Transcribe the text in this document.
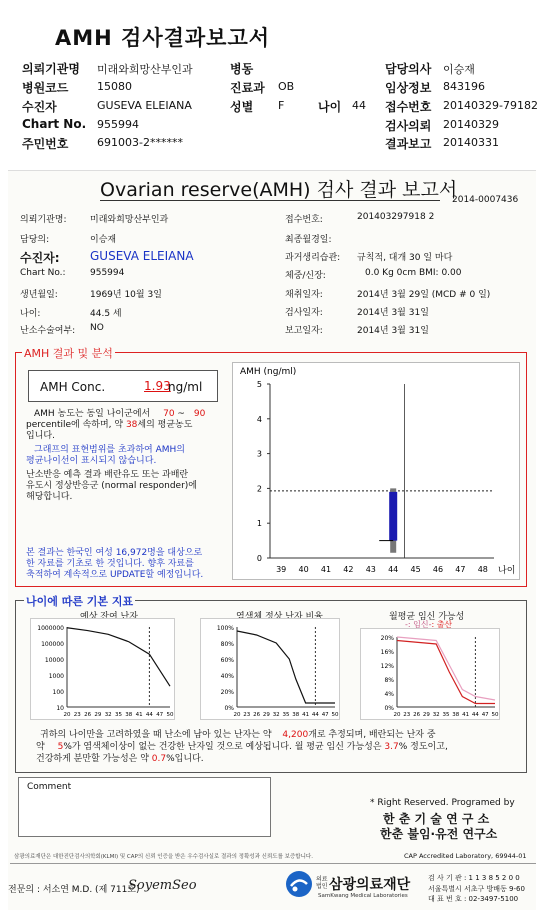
AMH 검사결과보고서
의뢰기관명 미래와희망산부인과	병동	담당의사 이승재
병원코드	15080	진료과 OB	임상정보 843196
수진자	GUSEVA ELEIANA	성별 F	나이 44 접수번호 20140329-79182
Chart No. 955994	검사의뢰 20140329
주민번호	691003-2******	결과보고 20140331
Ovarian reserve(AMH) 검사 결과 보고서
2014-0007436
의뢰기관명:	미래와희망산부인과
담당의:	이승재
수진자:	GUSEVA ELEIANA
Chart No.:	955994
생년월일:	1969년 10월 3일
나이:	44.5 세
난소수술여부: NO
접수번호:	201403297918 2
최종월경일:
과거생리습관: 규칙적, 대개 30 일 마다
체중/신장:	0.0 Kg 0cm BMI: 0.00
채취일자:	2014년 3월 29일 (MCD # 0 일)
검사일자:	2014년 3월 31일
보고일자:	2014년 3월 31일
AMH 결과 및 분석
AMH Conc.	1.93
ng/ml
AMH 농도는 동일 나이군에서 70 ~ 90
percentile에 속하며, 약 38세의 평균농도
입니다.
그래프의 표현범위를 초과하여 AMH의
평균나이선이 표시되지 않습니다.
난소반응 예측 결과 배란유도 또는 과배란
유도시 정상반응군 (normal responder)에
해당합니다.
본 결과는 한국인 여성 16,972명을 대상으로
한 자료를 기초로 한 것입니다. 향후 자료를
축적하여 계속적으로 UPDATE할 예정입니다.
AMH (ng/ml)
0
1
2
3
4
5
39 40 41 42 43 44 45 46 47 48 나이
나이에 따른 기본 지표
예상 잔여 난자	염색체 정상 난자 비율	월평균 임신 가능성
-: 임신-: 출산
1000000
100000
10000
1000
100
10
20 23 26 29 32 35 38 41 44 47 50
100%
80%
60%
40%
20%
0%
20 23 26 29 32 35 38 41 44 47 50
20%
16%
12%
8%
4%
0%
20 23 26 29 32 35 38 41 44 47 50
귀하의 나이만을 고려하였을 때 난소에 남아 있는 난자는 약 4,200개로 추정되며, 배란되는 난자 중
약 5%가 염색체이상이 없는 건강한 난자일 것으로 예상됩니다. 월 평균 임신 가능성은 3.7% 정도이고,
건강하게 분만할 가능성은 약 0.7%입니다.
Comment
* Right Reserved. Programed by
한 춘 기 술 연 구 소
한춘 불임·유전 연구소
삼광의료재단은 대한진단검사의학회(KLMI) 및 CAP의 신뢰 인증을 받은 우수검사실로 결과의 정확성과 신뢰도를 보증합니다.	CAP Accredited Laboratory, 69944-01
전문의 : 서소연 M.D. (제 711호)
SoyemSeo	의료 법인 삼광의료재단
SamKwang Medical Laboratories
검 사 기 관 : 1 1 3 8 5 2 0 0
서울특별시 서초구 방배동 9-60
대 표 번 호 : 02-3497-5100
